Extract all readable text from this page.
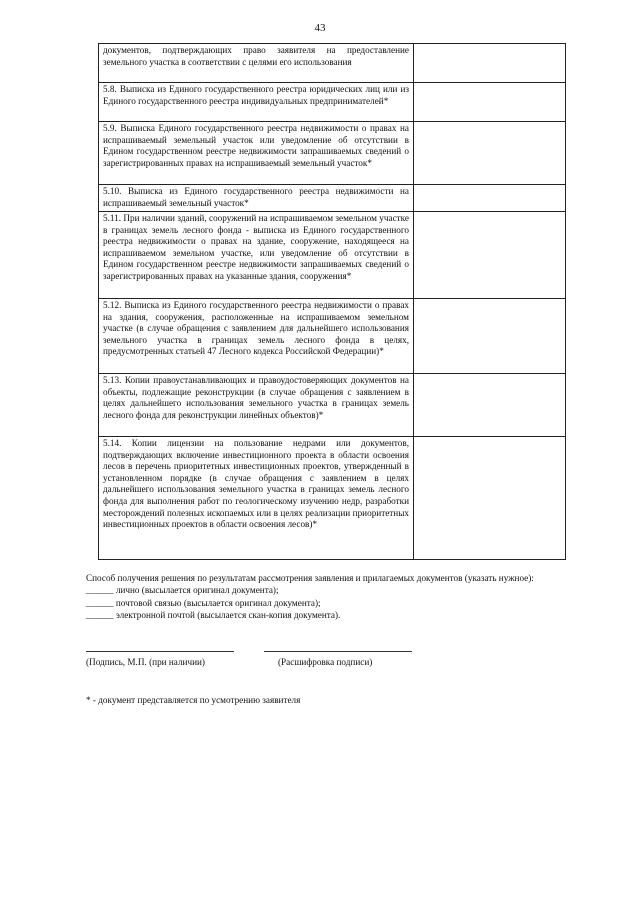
43
документов, подтверждающих право заявителя на предоставление земельного участка в соответствии с целями его использования	

5.8. Выписка из Единого государственного реестра юридических лиц или из Единого государственного реестра индивидуальных предпринимателей*	

5.9. Выписка Единого государственного реестра недвижимости о правах на испрашиваемый земельный участок или уведомление об отсутствии в Едином государственном реестре недвижимости запрашиваемых сведений о зарегистрированных правах на испрашиваемый земельный участок*	

5.10. Выписка из Единого государственного реестра недвижимости на испрашиваемый земельный участок*	

5.11. При наличии зданий, сооружений на испрашиваемом земельном участке в границах земель лесного фонда - выписка из Единого государственного реестра недвижимости о правах на здание, сооружение, находящееся на испрашиваемом земельном участке, или уведомление об отсутствии в Едином государственном реестре недвижимости запрашиваемых сведений о зарегистрированных правах на указанные здания, сооружения*	

5.12. Выписка из Единого государственного реестра недвижимости о правах на здания, сооружения, расположенные на испрашиваемом земельном участке (в случае обращения с заявлением для дальнейшего использования земельного участка в границах земель лесного фонда в целях, предусмотренных статьей 47 Лесного кодекса Российской Федерации)*	

5.13. Копии правоустанавливающих и правоудостоверяющих документов на объекты, подлежащие реконструкции (в случае обращения с заявлением в целях дальнейшего использования земельного участка в границах земель лесного фонда для реконструкции линейных объектов)*	

5.14. Копии лицензии на пользование недрами или документов, подтверждающих включение инвестиционного проекта в области освоения лесов в перечень приоритетных инвестиционных проектов, утвержденный в установленном порядке (в случае обращения с заявлением в целях дальнейшего использования земельного участка в границах земель лесного фонда для выполнения работ по геологическому изучению недр, разработки месторождений полезных ископаемых или в целях реализации приоритетных инвестиционных проектов в области освоения лесов)*	

Способ получения решения по результатам рассмотрения заявления и прилагаемых документов (указать нужное):
______ лично (высылается оригинал документа);
______ почтовой связью (высылается оригинал документа);
______ электронной почтой (высылается скан-копия документа).
(Подпись, М.П. (при наличии)	(Расшифровка подписи)
* - документ представляется по усмотрению заявителя
